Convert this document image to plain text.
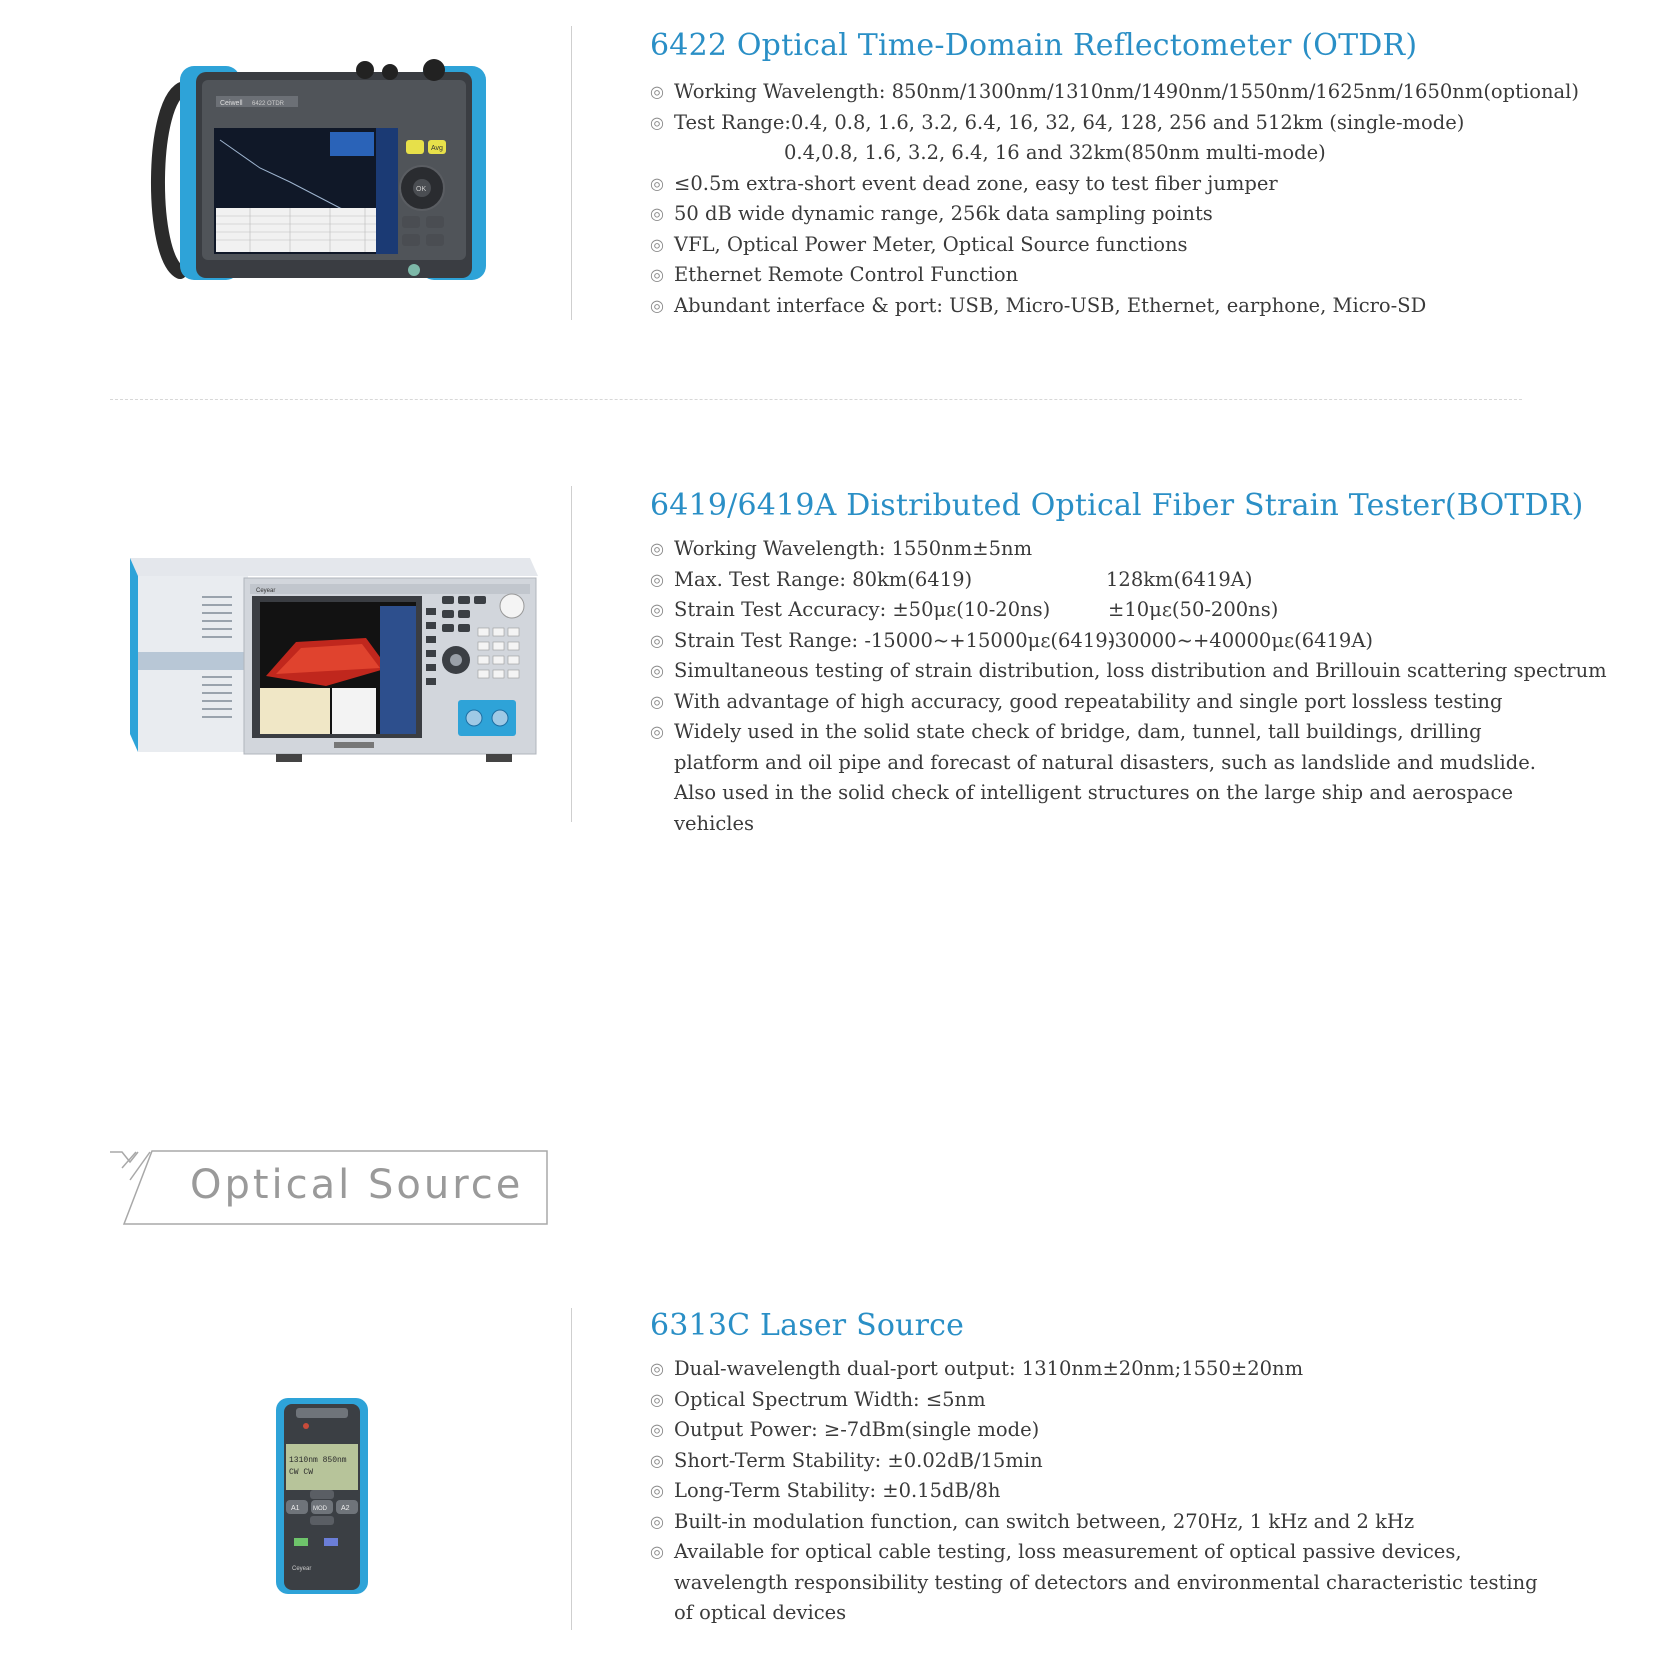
Ceiwell 6422 OTDR
Avg
OK
6422 Optical Time-Domain Reflectometer (OTDR)
◎ Working Wavelength: 850nm/1300nm/1310nm/1490nm/1550nm/1625nm/1650nm(optional)
◎ Test Range:0.4, 0.8, 1.6, 3.2, 6.4, 16, 32, 64, 128, 256 and 512km (single-mode)
0.4,0.8, 1.6, 3.2, 6.4, 16 and 32km(850nm multi-mode)
◎ ≤0.5m extra-short event dead zone, easy to test fiber jumper
◎ 50 dB wide dynamic range, 256k data sampling points
◎ VFL, Optical Power Meter, Optical Source functions
◎ Ethernet Remote Control Function
◎ Abundant interface & port: USB, Micro-USB, Ethernet, earphone, Micro-SD
Ceyear
6419/6419A Distributed Optical Fiber Strain Tester(BOTDR)
◎ Working Wavelength: 1550nm±5nm
◎ Max. Test Range: 80km(6419)	128km(6419A)
◎ Strain Test Accuracy: ±50με(10-20ns)	±10με(50-200ns)
◎ Strain Test Range: -15000~+15000με(6419)
-30000~+40000με(6419A)
◎ Simultaneous testing of strain distribution, loss distribution and Brillouin scattering spectrum
◎ With advantage of high accuracy, good repeatability and single port lossless testing
◎ Widely used in the solid state check of bridge, dam, tunnel, tall buildings, drilling platform and oil pipe and forecast of natural disasters, such as landslide and mudslide. Also used in the solid check of intelligent structures on the large ship and aerospace vehicles
Optical Source
1310nm 850nm
CW CW
A1 MOD A2
Ceyear
6313C Laser Source
◎ Dual-wavelength dual-port output: 1310nm±20nm;1550±20nm
◎ Optical Spectrum Width: ≤5nm
◎ Output Power: ≥-7dBm(single mode)
◎ Short-Term Stability: ±0.02dB/15min
◎ Long-Term Stability: ±0.15dB/8h
◎ Built-in modulation function, can switch between, 270Hz, 1 kHz and 2 kHz
◎ Available for optical cable testing, loss measurement of optical passive devices,
wavelength responsibility testing of detectors and environmental characteristic testing
of optical devices
